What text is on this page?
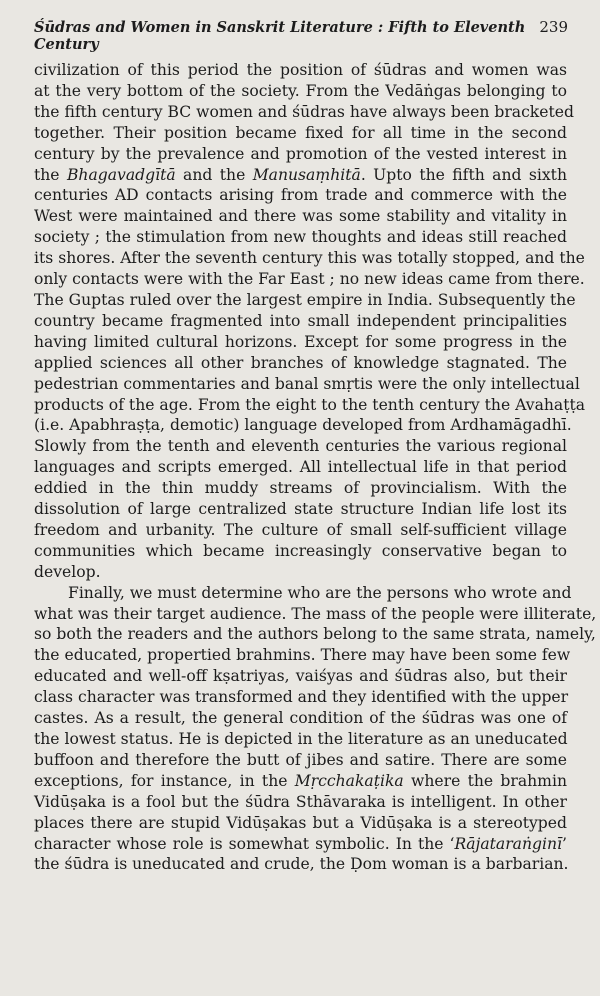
Śūdras and Women in Sanskrit Literature : Fifth to Eleventh Century
239
civilization of this period the position of śūdras and women was
at the very bottom of the society. From the Vedāṅgas belonging to
the fifth century BC women and śūdras have always been bracketed
together. Their position became fixed for all time in the second
century by the prevalence and promotion of the vested interest in
the Bhagavadgītā and the Manusaṃhitā. Upto the fifth and sixth
centuries AD contacts arising from trade and commerce with the
West were maintained and there was some stability and vitality in
society ; the stimulation from new thoughts and ideas still reached
its shores. After the seventh century this was totally stopped, and the
only contacts were with the Far East ; no new ideas came from there.
The Guptas ruled over the largest empire in India. Subsequently the
country became fragmented into small independent principalities
having limited cultural horizons. Except for some progress in the
applied sciences all other branches of knowledge stagnated. The
pedestrian commentaries and banal smṛtis were the only intellectual
products of the age. From the eight to the tenth century the Avahaṭṭa
(i.e. Apabhraṣṭa, demotic) language developed from Ardhamāgadhī.
Slowly from the tenth and eleventh centuries the various regional
languages and scripts emerged. All intellectual life in that period
eddied in the thin muddy streams of provincialism. With the
dissolution of large centralized state structure Indian life lost its
freedom and urbanity. The culture of small self-sufficient village
communities which became increasingly conservative began to
develop.
Finally, we must determine who are the persons who wrote and
what was their target audience. The mass of the people were illiterate,
so both the readers and the authors belong to the same strata, namely,
the educated, propertied brahmins. There may have been some few
educated and well-off kṣatriyas, vaiśyas and śūdras also, but their
class character was transformed and they identified with the upper
castes. As a result, the general condition of the śūdras was one of
the lowest status. He is depicted in the literature as an uneducated
buffoon and therefore the butt of jibes and satire. There are some
exceptions, for instance, in the Mṛcchakaṭika where the brahmin
Vidūṣaka is a fool but the śūdra Sthāvaraka is intelligent. In other
places there are stupid Vidūṣakas but a Vidūṣaka is a stereotyped
character whose role is somewhat symbolic. In the ‘Rājataraṅginī’
the śūdra is uneducated and crude, the Ḍom woman is a barbarian.
